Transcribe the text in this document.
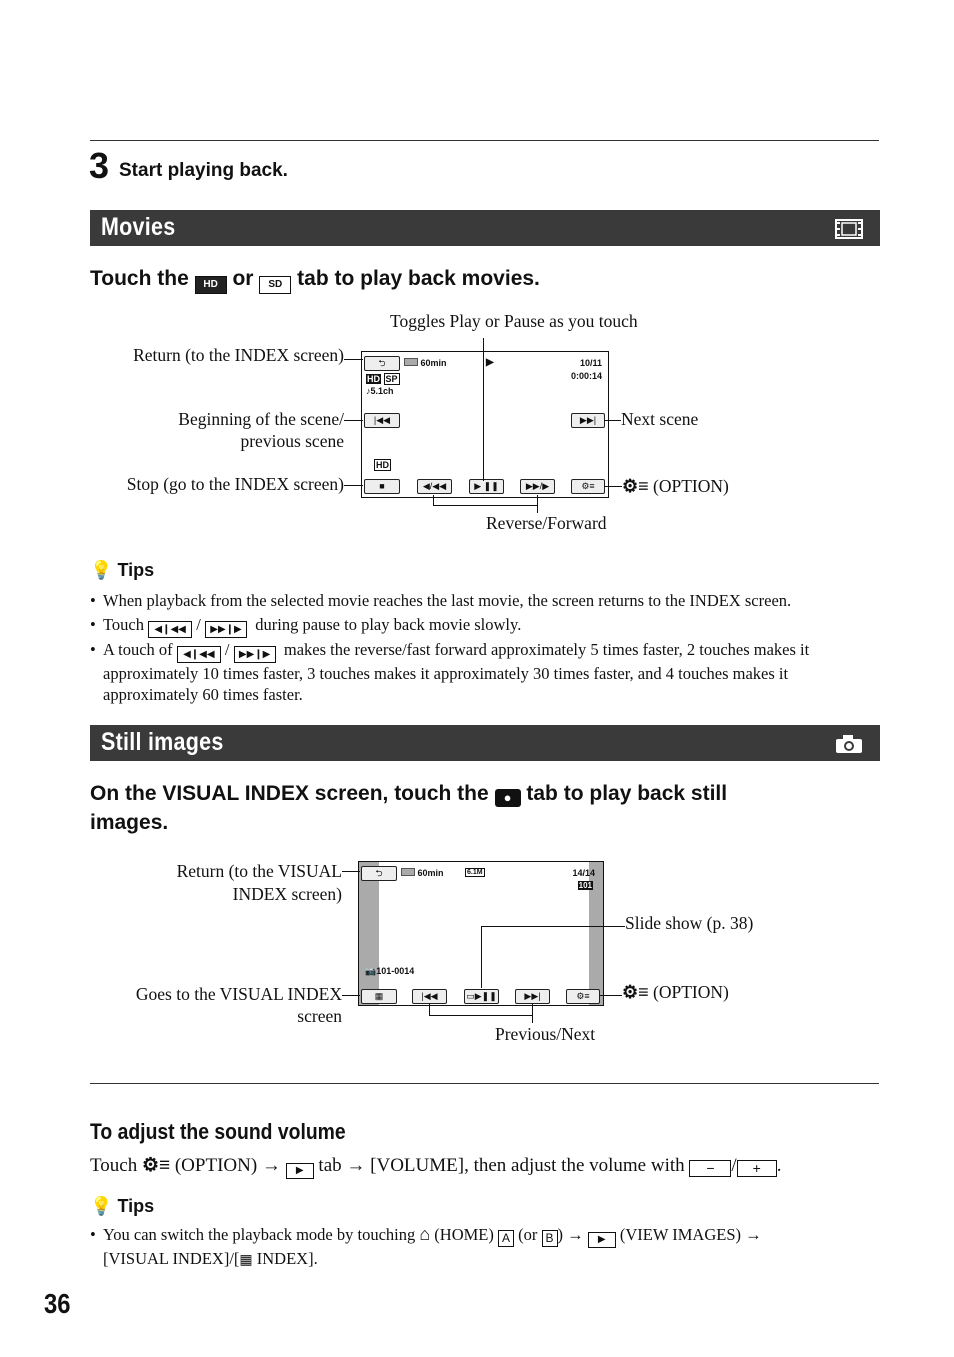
3 Start playing back.
Movies
Touch the HD or SD tab to play back movies.
Toggles Play or Pause as you touch
Return (to the INDEX screen)
Beginning of the scene/
previous scene
Next scene
Stop (go to the INDEX screen)	⚙≡ (OPTION)
Reverse/Forward
⮌	60min
HD SP
♪5.1ch
▶	10/11
0:00:14
|◀◀	▶▶|
HD
■	◀/◀◀	▶ ❚❚	▶▶/▶	⚙≡
💡 Tips
• When playback from the selected movie reaches the last movie, the screen returns to the INDEX screen.
• Touch ◀❙◀◀ / ▶▶❙▶ during pause to play back movie slowly.
• A touch of ◀❙◀◀ / ▶▶❙▶ makes the reverse/fast forward approximately 5 times faster, 2 touches makes it
approximately 10 times faster, 3 touches makes it approximately 30 times faster, and 4 touches makes it
approximately 60 times faster.
Still images
On the VISUAL INDEX screen, touch the ● tab to play back still
images.
Return (to the VISUAL
INDEX screen)
Slide show (p. 38)
Goes to the VISUAL INDEX
screen
⚙≡ (OPTION)
Previous/Next
⮌	60min	6.1M	14/14
101
📷101-0014
▦	|◀◀	▭▶❚❚	▶▶|	⚙≡
To adjust the sound volume
Touch ⚙≡ (OPTION) → ▶ tab → [VOLUME], then adjust the volume with − / + .
💡 Tips
• You can switch the playback mode by touching ⌂ (HOME) A (or B ) → ▶ (VIEW IMAGES) →
[VISUAL INDEX]/[▦ INDEX].
36
